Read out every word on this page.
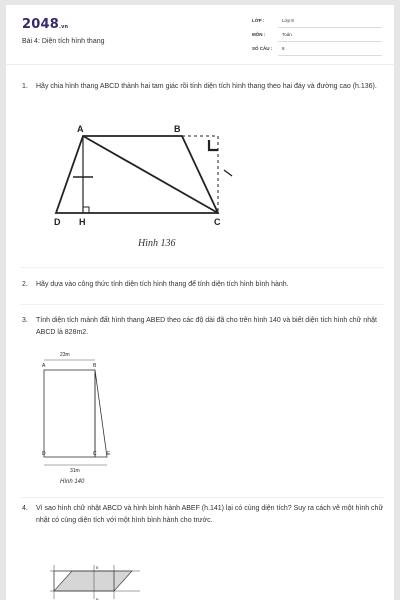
2048.vn
Bài 4: Diện tích hình thang
LỚP :	Lớp 8
MÔN :	Toán
SỐ CÂU : 8
1. Hãy chia hình thang ABCD thành hai tam giác rồi tính diện tích hình thang theo hai đáy và đường cao (h.136).
A	B
C
D H
Hình 136
2. Hãy dựa vào công thức tính diện tích hình thang để tính diện tích hình bình hành.
3. Tính diện tích mảnh đất hình thang ABED theo các độ dài đã cho trên hình 140 và biết diện tích hình chữ nhật ABCD là 828m2.
23m
A	B
C
D	E
31m
Hình 140
4. Vì sao hình chữ nhật ABCD và hình bình hành ABEF (h.141) lại có cùng diện tích? Suy ra cách vẽ một hình chữ nhật có cùng diện tích với một hình bình hành cho trước.
E
B
